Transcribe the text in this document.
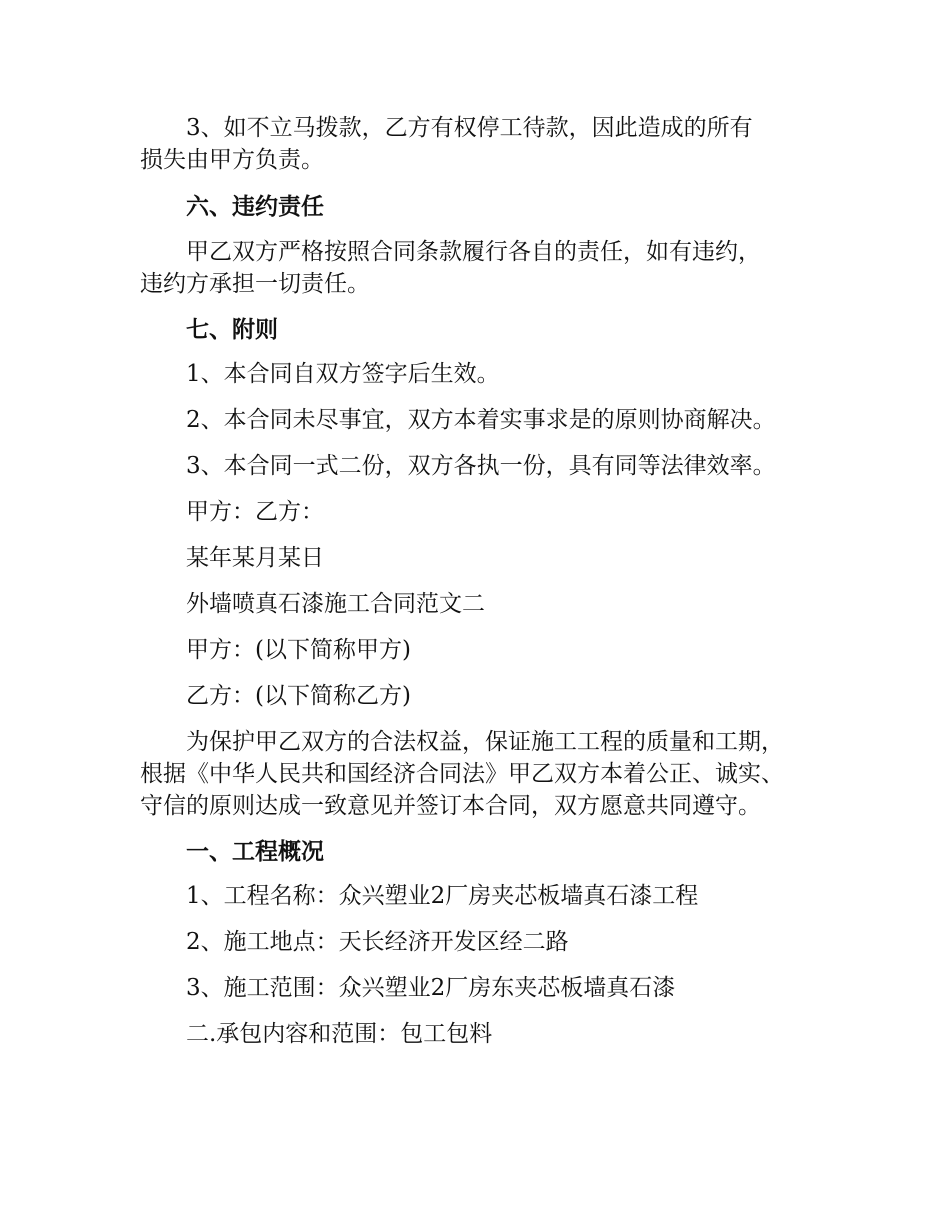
3、如不立马拨款，乙方有权停工待款，因此造成的所有

损失由甲方负责。

六、违约责任

甲乙双方严格按照合同条款履行各自的责任，如有违约，

违约方承担一切责任。

七、附则

1、本合同自双方签字后生效。

2、本合同未尽事宜，双方本着实事求是的原则协商解决。

3、本合同一式二份，双方各执一份，具有同等法律效率。

甲方：乙方：

某年某月某日

外墙喷真石漆施工合同范文二

甲方：(以下简称甲方)

乙方：(以下简称乙方)

为保护甲乙双方的合法权益，保证施工工程的质量和工期，

根据《中华人民共和国经济合同法》甲乙双方本着公正、诚实、

守信的原则达成一致意见并签订本合同，双方愿意共同遵守。

一、工程概况

1、工程名称：众兴塑业2厂房夹芯板墙真石漆工程

2、施工地点：天长经济开发区经二路

3、施工范围：众兴塑业2厂房东夹芯板墙真石漆

二.承包内容和范围：包工包料
